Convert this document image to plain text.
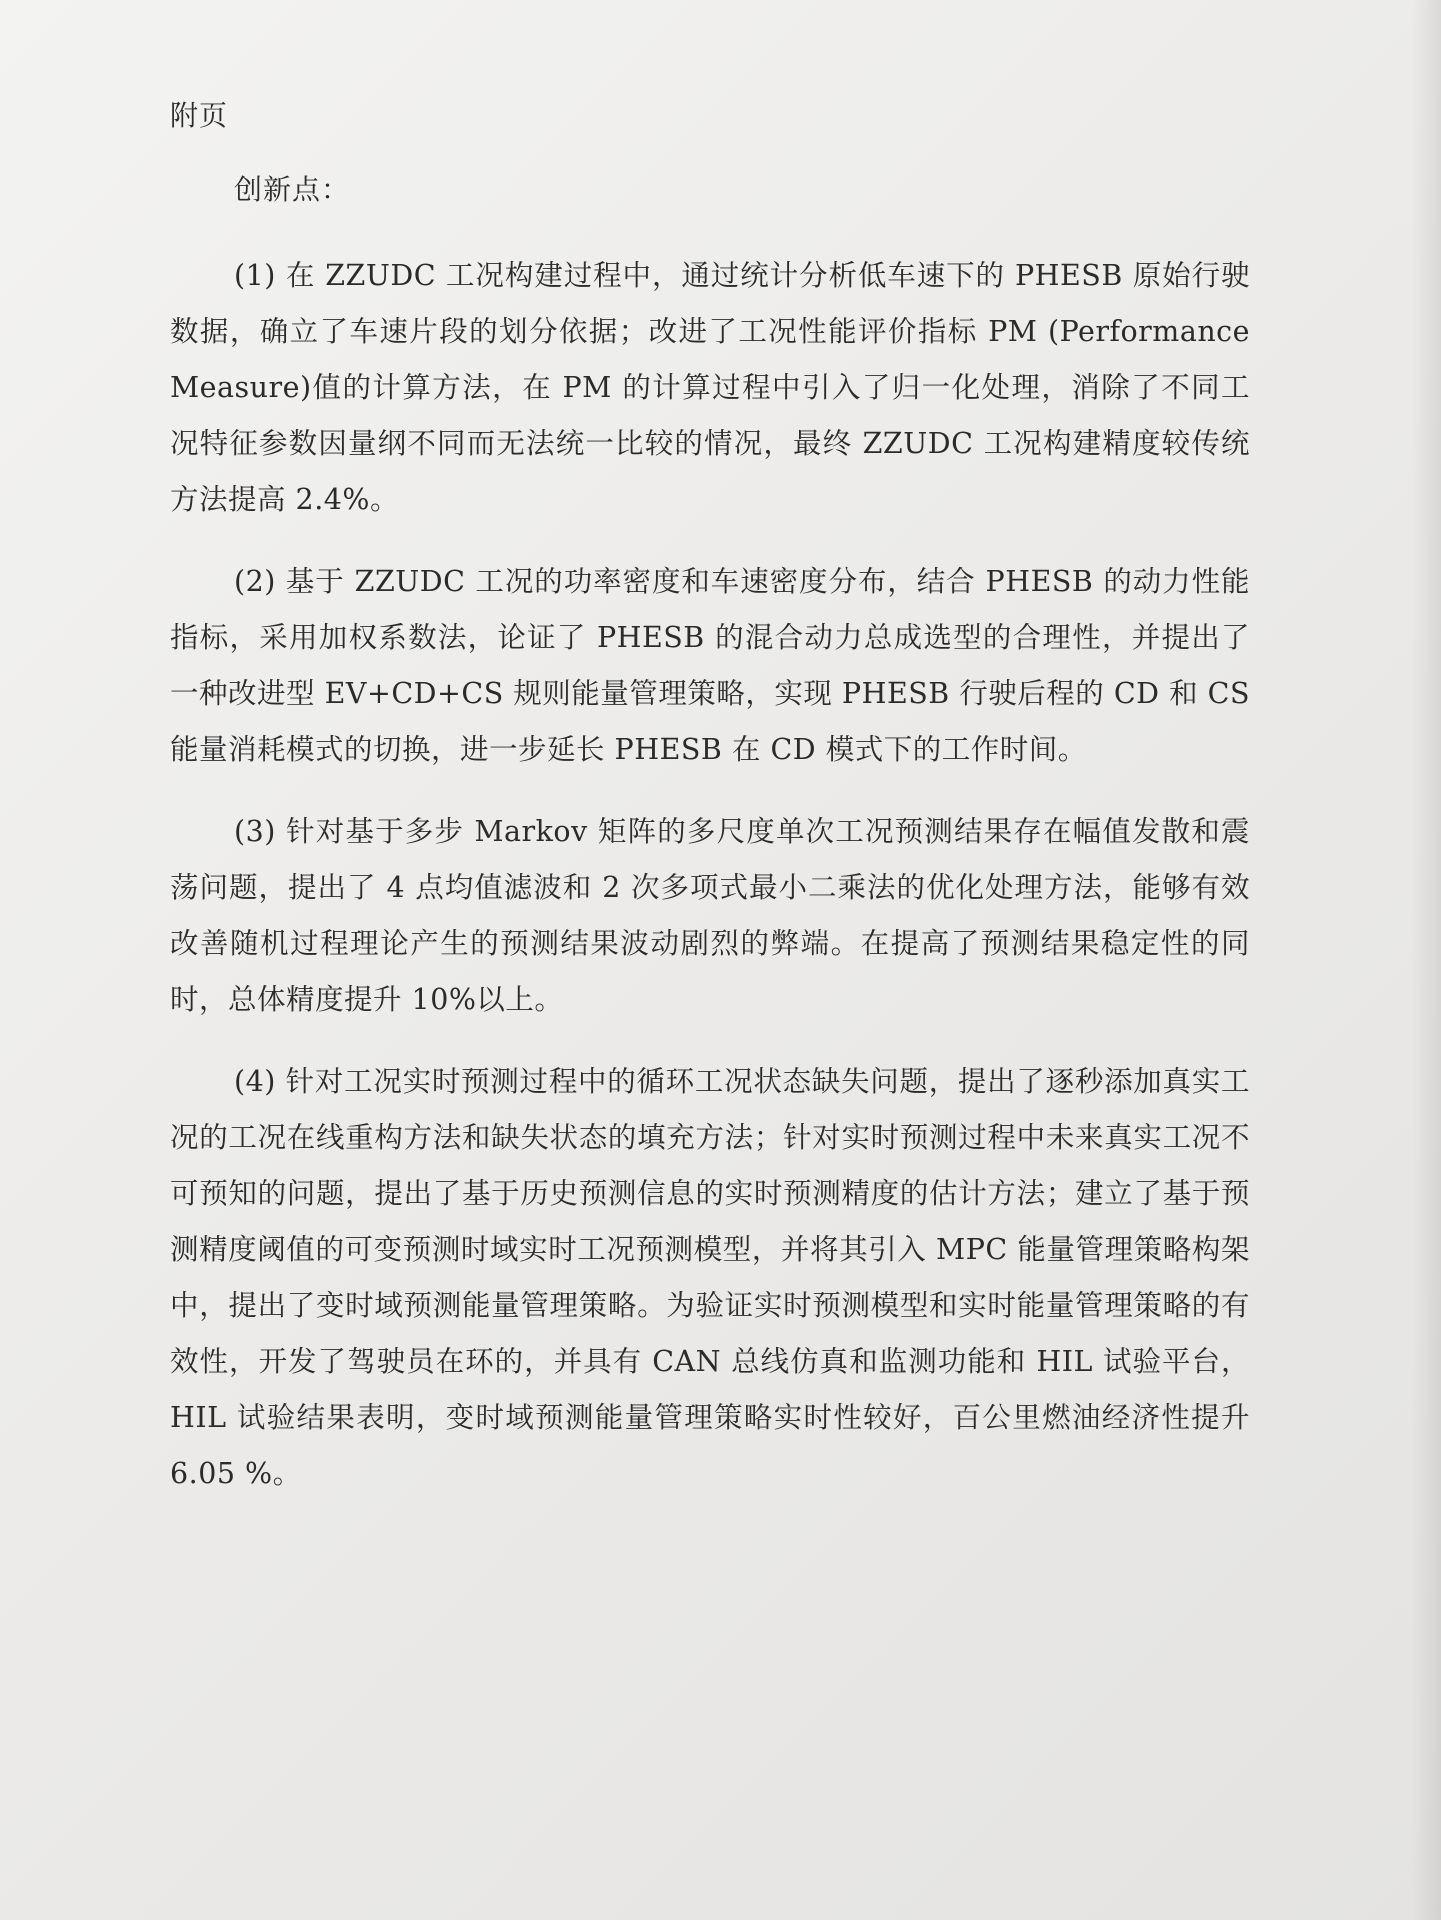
附页
创新点：

(1) 在 ZZUDC 工况构建过程中，通过统计分析低车速下的 PHESB 原始行驶数据，确立了车速片段的划分依据；改进了工况性能评价指标 PM (Performance Measure)值的计算方法，在 PM 的计算过程中引入了归一化处理，消除了不同工况特征参数因量纲不同而无法统一比较的情况，最终 ZZUDC 工况构建精度较传统方法提高 2.4%。

(2) 基于 ZZUDC 工况的功率密度和车速密度分布，结合 PHESB 的动力性能指标，采用加权系数法，论证了 PHESB 的混合动力总成选型的合理性，并提出了一种改进型 EV+CD+CS 规则能量管理策略，实现 PHESB 行驶后程的 CD 和 CS 能量消耗模式的切换，进一步延长 PHESB 在 CD 模式下的工作时间。

(3) 针对基于多步 Markov 矩阵的多尺度单次工况预测结果存在幅值发散和震荡问题，提出了 4 点均值滤波和 2 次多项式最小二乘法的优化处理方法，能够有效改善随机过程理论产生的预测结果波动剧烈的弊端。在提高了预测结果稳定性的同时，总体精度提升 10%以上。

(4) 针对工况实时预测过程中的循环工况状态缺失问题，提出了逐秒添加真实工况的工况在线重构方法和缺失状态的填充方法；针对实时预测过程中未来真实工况不可预知的问题，提出了基于历史预测信息的实时预测精度的估计方法；建立了基于预测精度阈值的可变预测时域实时工况预测模型，并将其引入 MPC 能量管理策略构架中，提出了变时域预测能量管理策略。为验证实时预测模型和实时能量管理策略的有效性，开发了驾驶员在环的，并具有 CAN 总线仿真和监测功能和 HIL 试验平台，HIL 试验结果表明，变时域预测能量管理策略实时性较好，百公里燃油经济性提升 6.05 %。
